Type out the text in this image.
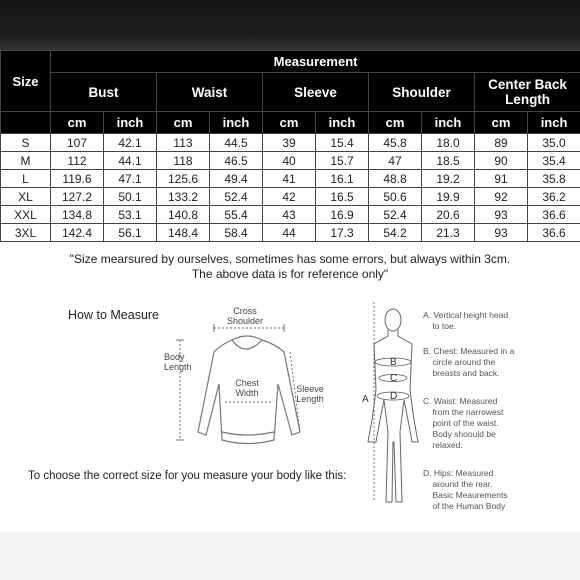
Size	Measurement									
	Bust		Waist		Sleeve		Shoulder		Center Back Length	
	cm	inch	cm	inch	cm	inch	cm	inch	cm	inch
S	107	42.1	113	44.5	39	15.4	45.8	18.0	89	35.0
M	112	44.1	118	46.5	40	15.7	47	18.5	90	35.4
L	119.6	47.1	125.6	49.4	41	16.1	48.8	19.2	91	35.8
XL	127.2	50.1	133.2	52.4	42	16.5	50.6	19.9	92	36.2
XXL	134.8	53.1	140.8	55.4	43	16.9	52.4	20.6	93	36.6
3XL	142.4	56.1	148.4	58.4	44	17.3	54.2	21.3	93	36.6
"Size mearsured by ourselves, sometimes has some errors, but always within 3cm.
The above data is for reference only"
How to Measure
A
B
C
D
Cross
Shoulder
Body
Length
Chest
Width	Sleeve
Length
To choose the correct size for you measure your body like this:
A. Vertical height head
to toe.
B. Chest: Measured in a
circle around the
breasts and back.
C. Waist: Measured
from the narrowest
point of the waist.
Body shoould be
relaxed.
D. Hips: Measured
around the rear.
Basic Meaurements
of the Human Body
